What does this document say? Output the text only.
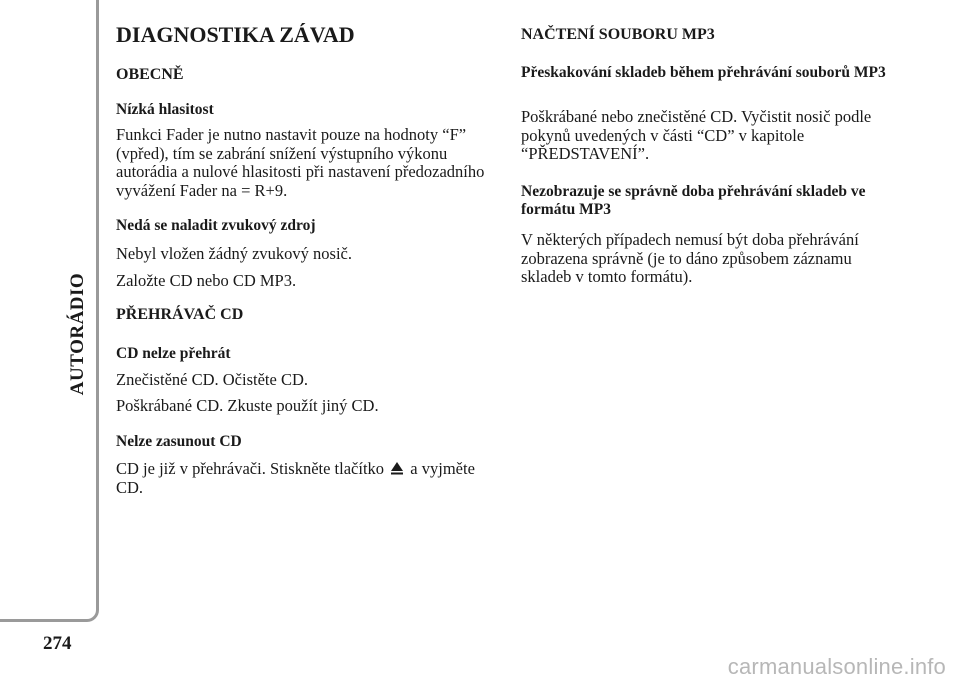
AUTORÁDIO
274
DIAGNOSTIKA ZÁVAD
OBECNĚ
Nízká hlasitost
Funkci Fader je nutno nastavit pouze na hodnoty “F” (vpřed), tím se zabrání snížení výstupního výkonu autorádia a nulové hlasitosti při nastavení předozadního vyvážení Fader na = R+9.
Nedá se naladit zvukový zdroj
Nebyl vložen žádný zvukový nosič.
Založte CD nebo CD MP3.
PŘEHRÁVAČ CD
CD nelze přehrát
Znečistěné CD. Očistěte CD.
Poškrábané CD. Zkuste použít jiný CD.
Nelze zasunout CD
CD je již v přehrávači. Stiskněte tlačítko a vyjměte CD.
NAČTENÍ SOUBORU MP3
Přeskakování skladeb během přehrávání souborů MP3
Poškrábané nebo znečistěné CD. Vyčistit nosič podle pokynů uvedených v části “CD” v kapitole “PŘEDSTAVENÍ”.
Nezobrazuje se správně doba přehrávání skladeb ve formátu MP3
V některých případech nemusí být doba přehrávání zobrazena správně (je to dáno způsobem záznamu skladeb v tomto formátu).
carmanualsonline.info
